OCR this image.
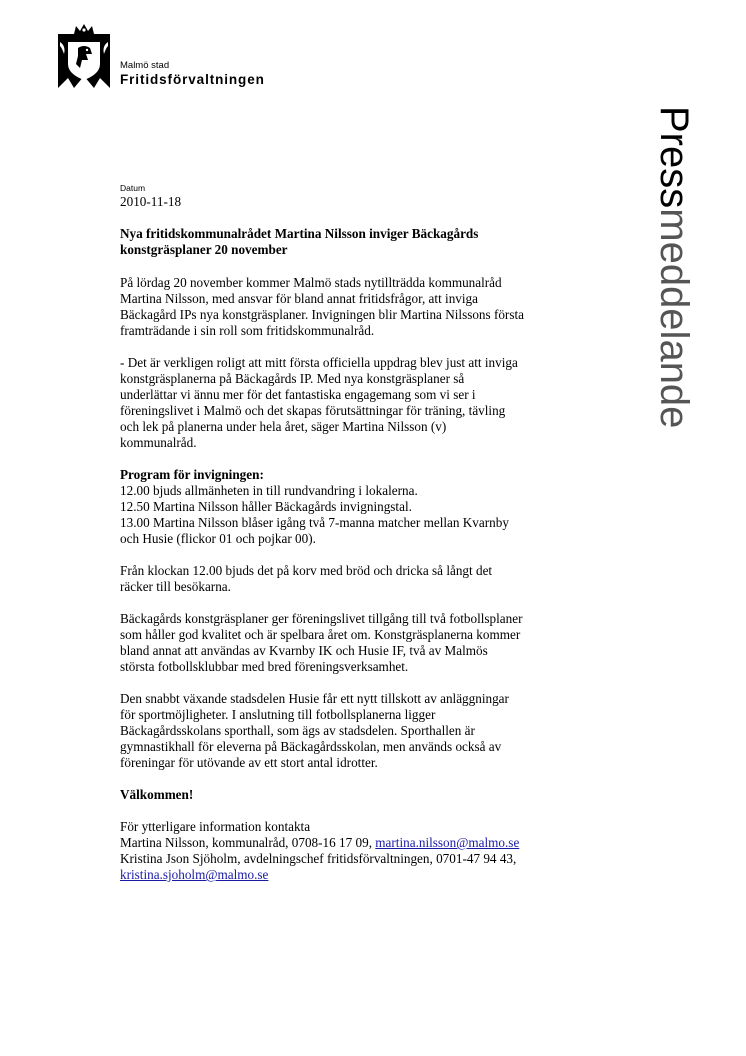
Malmö stad
Fritidsförvaltningen
Pressmeddelande
Datum
2010-11-18
Nya fritidskommunalrådet Martina Nilsson inviger Bäckagårds
konstgräsplaner 20 november

På lördag 20 november kommer Malmö stads nytillträdda kommunalråd
Martina Nilsson, med ansvar för bland annat fritidsfrågor, att inviga
Bäckagård IPs nya konstgräsplaner. Invigningen blir Martina Nilssons första
framträdande i sin roll som fritidskommunalråd.

- Det är verkligen roligt att mitt första officiella uppdrag blev just att inviga
konstgräsplanerna på Bäckagårds IP. Med nya konstgräsplaner så
underlättar vi ännu mer för det fantastiska engagemang som vi ser i
föreningslivet i Malmö och det skapas förutsättningar för träning, tävling
och lek på planerna under hela året, säger Martina Nilsson (v)
kommunalråd.

Program för invigningen:
12.00 bjuds allmänheten in till rundvandring i lokalerna.
12.50 Martina Nilsson håller Bäckagårds invigningstal.
13.00 Martina Nilsson blåser igång två 7-manna matcher mellan Kvarnby
och Husie (flickor 01 och pojkar 00).

Från klockan 12.00 bjuds det på korv med bröd och dricka så långt det
räcker till besökarna.

Bäckagårds konstgräsplaner ger föreningslivet tillgång till två fotbollsplaner
som håller god kvalitet och är spelbara året om. Konstgräsplanerna kommer
bland annat att användas av Kvarnby IK och Husie IF, två av Malmös
största fotbollsklubbar med bred föreningsverksamhet.

Den snabbt växande stadsdelen Husie får ett nytt tillskott av anläggningar
för sportmöjligheter. I anslutning till fotbollsplanerna ligger
Bäckagårdsskolans sporthall, som ägs av stadsdelen. Sporthallen är
gymnastikhall för eleverna på Bäckagårdsskolan, men används också av
föreningar för utövande av ett stort antal idrotter.

Välkommen!

För ytterligare information kontakta
Martina Nilsson, kommunalråd, 0708-16 17 09, martina.nilsson@malmo.se
Kristina Json Sjöholm, avdelningschef fritidsförvaltningen, 0701-47 94 43,
kristina.sjoholm@malmo.se
